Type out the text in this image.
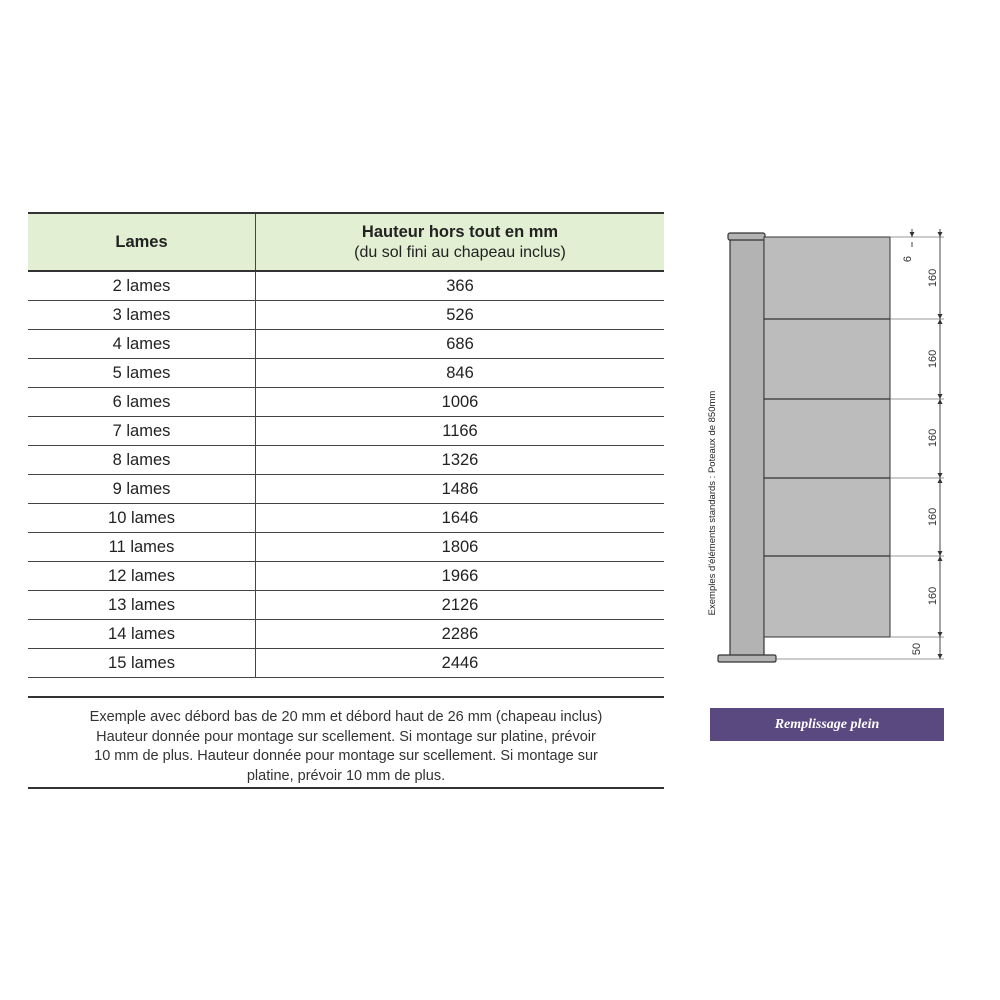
Lames	Hauteur hors tout en mm
(du sol fini au chapeau inclus)

2 lames	366
3 lames	526
4 lames	686
5 lames	846
6 lames	1006
7 lames	1166
8 lames	1326
9 lames	1486
10 lames	1646
11 lames	1806
12 lames	1966
13 lames	2126
14 lames	2286
15 lames	2446
Exemple avec débord bas de 20 mm et débord haut de 26 mm (chapeau inclus)
Hauteur donnée pour montage sur scellement. Si montage sur platine, prévoir
10 mm de plus. Hauteur donnée pour montage sur scellement. Si montage sur
platine, prévoir 10 mm de plus.
6
160
160
160
160
160
50
Exemples d'éléments standards : Poteaux de 850mm
Remplissage plein
